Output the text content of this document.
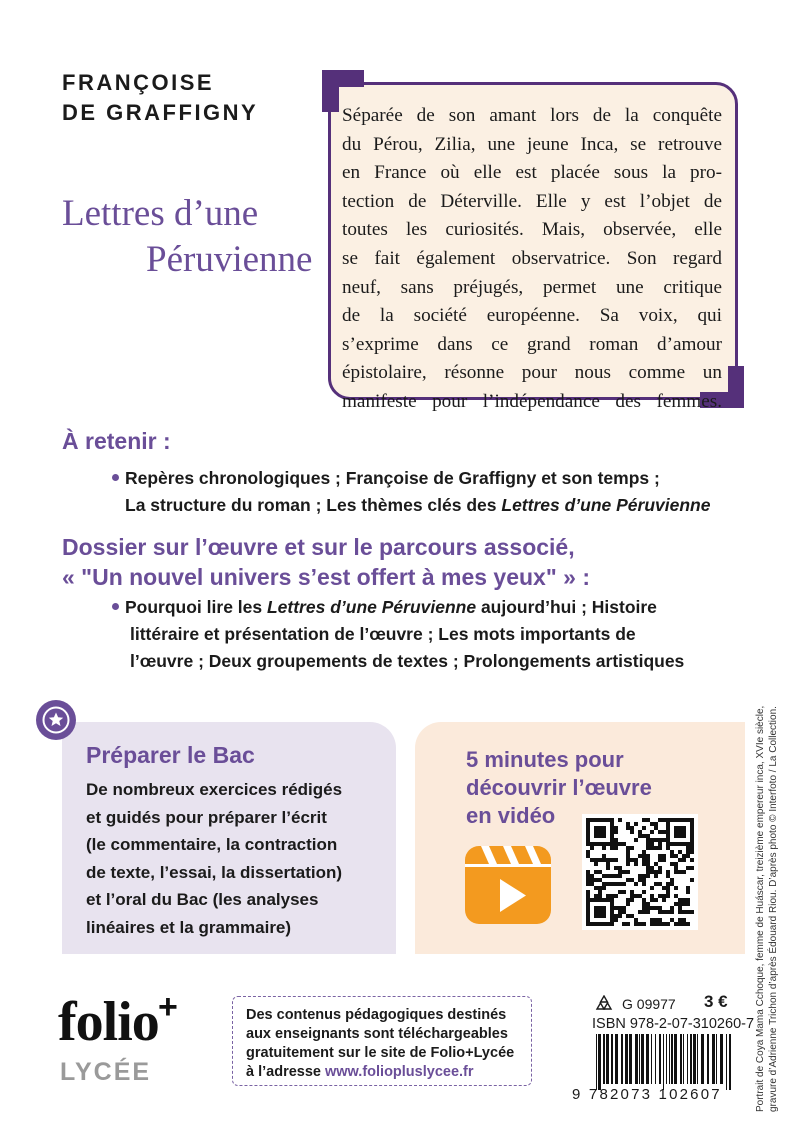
FRANÇOISE
DE GRAFFIGNY
Lettres d’une
Péruvienne
Séparée de son amant lors de la conquête
du Pérou, Zilia, une jeune Inca, se retrouve
en France où elle est placée sous la pro-
tection de Déterville. Elle y est l’objet de
toutes les curiosités. Mais, observée, elle
se fait également observatrice. Son regard
neuf, sans préjugés, permet une critique
de la société européenne. Sa voix, qui
s’exprime dans ce grand roman d’amour
épistolaire, résonne pour nous comme un
manifeste pour l’indépendance des femmes.
À retenir :
Repères chronologiques ; Françoise de Graffigny et son temps ;
La structure du roman ; Les thèmes clés des Lettres d’une Péruvienne
Dossier sur l’œuvre et sur le parcours associé,
« "Un nouvel univers s’est offert à mes yeux" » :
Pourquoi lire les Lettres d’une Péruvienne aujourd’hui ; Histoire
littéraire et présentation de l’œuvre ; Les mots importants de
l’œuvre ; Deux groupements de textes ; Prolongements artistiques
Préparer le Bac
De nombreux exercices rédigés
et guidés pour préparer l’écrit
(le commentaire, la contraction
de texte, l’essai, la dissertation)
et l’oral du Bac (les analyses
linéaires et la grammaire)
5 minutes pour
découvrir l’œuvre
en vidéo
folio +
LYCÉE
Des contenus pédagogiques destinés
aux enseignants sont téléchargeables
gratuitement sur le site de Folio+Lycée
à l’adresse www.foliopluslycee.fr
G 09977 3 €
ISBN 978-2-07-310260-7
9 782073 102607	Portrait de Coya Mama Cchoque, femme de Huáscar, treizième empereur inca, XVIe siècle, gravure d’Adrienne Trichon d’après Édouard Riou. D’après photo © Interfoto / La Collection.
